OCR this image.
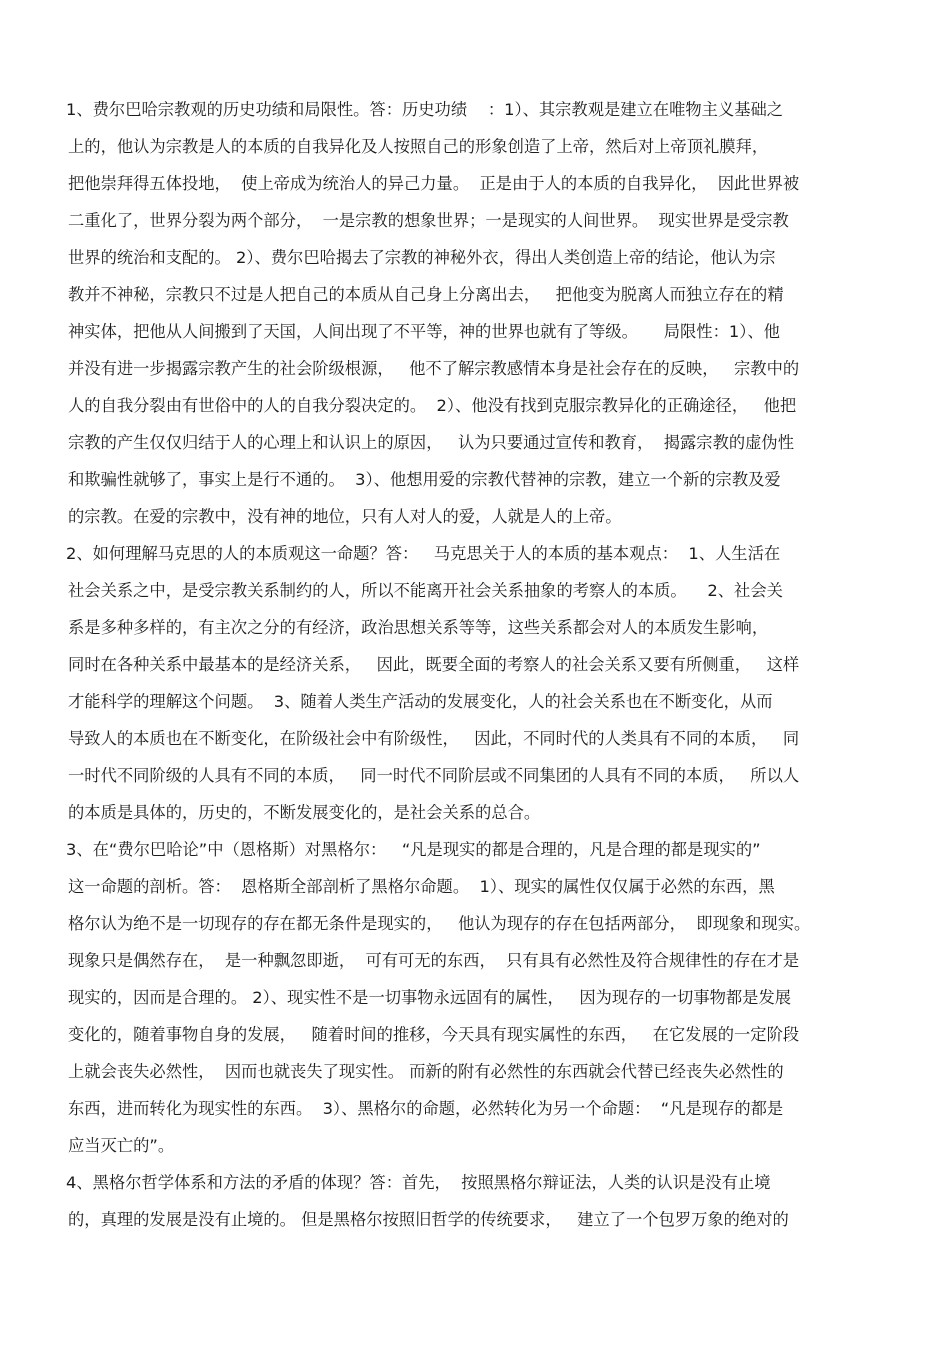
1、费尔巴哈宗教观的历史功绩和局限性。答：历史功绩    ：1）、其宗教观是建立在唯物主义基础之
上的，他认为宗教是人的本质的自我异化及人按照自己的形象创造了上帝，然后对上帝顶礼膜拜，
把他崇拜得五体投地，  使上帝成为统治人的异己力量。  正是由于人的本质的自我异化，  因此世界被
二重化了，世界分裂为两个部分，  一是宗教的想象世界；一是现实的人间世界。  现实世界是受宗教
世界的统治和支配的。 2）、费尔巴哈揭去了宗教的神秘外衣，得出人类创造上帝的结论，他认为宗
教并不神秘，宗教只不过是人把自己的本质从自己身上分离出去，   把他变为脱离人而独立存在的精
神实体，把他从人间搬到了天国，人间出现了不平等，神的世界也就有了等级。     局限性：1）、他
并没有进一步揭露宗教产生的社会阶级根源，   他不了解宗教感情本身是社会存在的反映，   宗教中的
人的自我分裂由有世俗中的人的自我分裂决定的。  2）、他没有找到克服宗教异化的正确途径，   他把
宗教的产生仅仅归结于人的心理上和认识上的原因，   认为只要通过宣传和教育，  揭露宗教的虚伪性
和欺骗性就够了，事实上是行不通的。  3）、他想用爱的宗教代替神的宗教，建立一个新的宗教及爱
的宗教。在爱的宗教中，没有神的地位，只有人对人的爱，人就是人的上帝。
2、如何理解马克思的人的本质观这一命题？答：   马克思关于人的本质的基本观点：  1、人生活在
社会关系之中，是受宗教关系制约的人，所以不能离开社会关系抽象的考察人的本质。    2、社会关
系是多种多样的，有主次之分的有经济，政治思想关系等等，这些关系都会对人的本质发生影响，
同时在各种关系中最基本的是经济关系，   因此，既要全面的考察人的社会关系又要有所侧重，   这样
才能科学的理解这个问题。  3、随着人类生产活动的发展变化，人的社会关系也在不断变化，从而
导致人的本质也在不断变化，在阶级社会中有阶级性，   因此，不同时代的人类具有不同的本质，   同
一时代不同阶级的人具有不同的本质，   同一时代不同阶层或不同集团的人具有不同的本质，   所以人
的本质是具体的，历史的，不断发展变化的，是社会关系的总合。
3、在“费尔巴哈论”中（恩格斯）对黑格尔：   “凡是现实的都是合理的，凡是合理的都是现实的”
这一命题的剖析。答：  恩格斯全部剖析了黑格尔命题。  1）、现实的属性仅仅属于必然的东西，黑
格尔认为绝不是一切现存的存在都无条件是现实的，   他认为现存的存在包括两部分，  即现象和现实。
现象只是偶然存在，  是一种飘忽即逝，  可有可无的东西，  只有具有必然性及符合规律性的存在才是
现实的，因而是合理的。 2）、现实性不是一切事物永远固有的属性，   因为现存的一切事物都是发展
变化的，随着事物自身的发展，   随着时间的推移，今天具有现实属性的东西，   在它发展的一定阶段
上就会丧失必然性，  因而也就丧失了现实性。 而新的附有必然性的东西就会代替已经丧失必然性的
东西，进而转化为现实性的东西。  3）、黑格尔的命题，必然转化为另一个命题：  “凡是现存的都是
应当灭亡的”。
4、黑格尔哲学体系和方法的矛盾的体现？答：首先，  按照黑格尔辩证法，人类的认识是没有止境
的，真理的发展是没有止境的。 但是黑格尔按照旧哲学的传统要求，   建立了一个包罗万象的绝对的
